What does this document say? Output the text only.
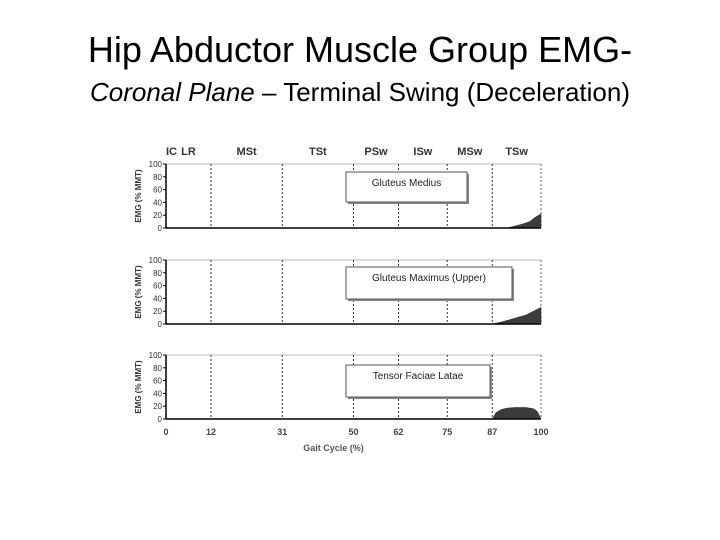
Hip Abductor Muscle Group EMG-
Coronal Plane – Terminal Swing (Deceleration)
IC LR	MSt	TSt	PSw ISw MSw TSw
0
20
40
60
80
100
EMG (% MMT)	Gluteus Medius
0
20
40
60
80
100
EMG (% MMT)	Gluteus Maximus (Upper)
0
20
40
60
80
100
EMG (% MMT)	Tensor Faciae Latae
0	12	31	50	62	75	87	100
Gait Cycle (%)
